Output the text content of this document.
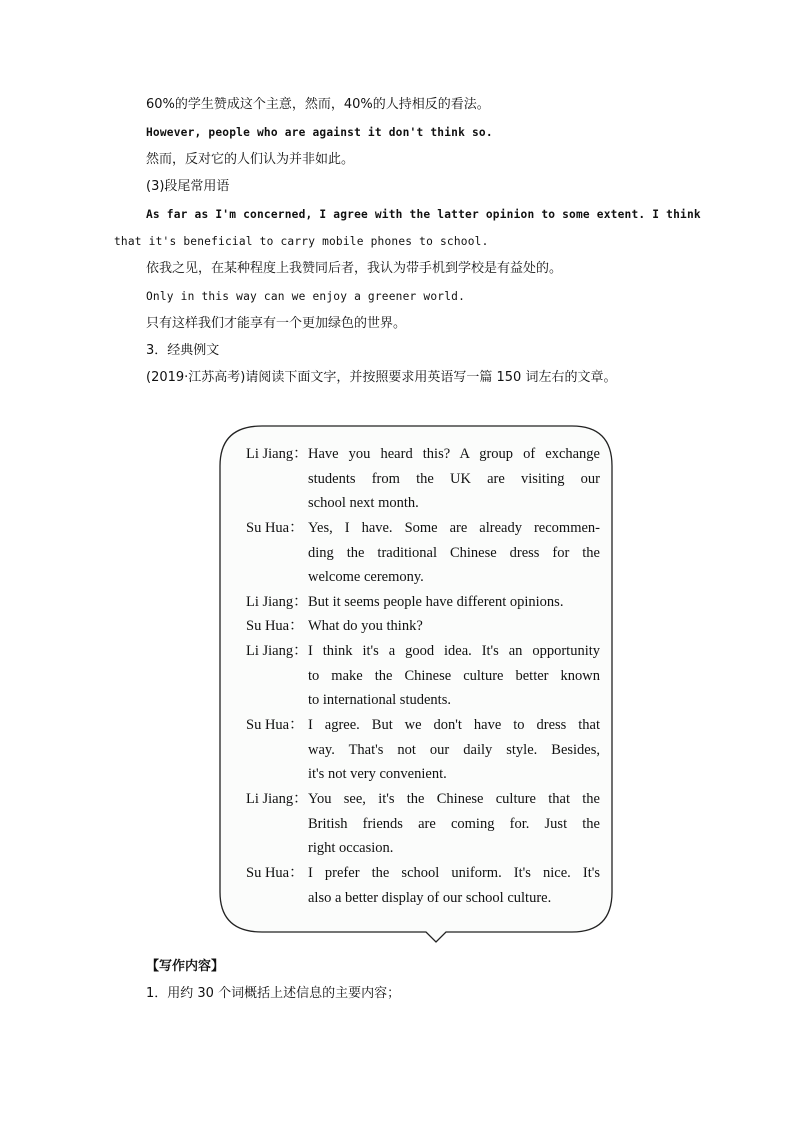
60%的学生赞成这个主意，然而，40%的人持相反的看法。
However, people who are against it don't think so.
然而，反对它的人们认为并非如此。
(3)段尾常用语
As far as I'm concerned, I agree with the latter opinion to some extent. I think
that it's beneficial to carry mobile phones to school.
依我之见，在某种程度上我赞同后者，我认为带手机到学校是有益处的。
Only in this way can we enjoy a greener world.
只有这样我们才能享有一个更加绿色的世界。
3．经典例文
(2019·江苏高考)请阅读下面文字，并按照要求用英语写一篇 150 词左右的文章。
Li Jiang： Have you heard this? A group of exchange
students from the UK are visiting our
school next month.
Su Hua： Yes, I have. Some are already recommen-
ding the traditional Chinese dress for the
welcome ceremony.
Li Jiang： But it seems people have different opinions.
Su Hua： What do you think?
Li Jiang： I think it's a good idea. It's an opportunity
to make the Chinese culture better known
to international students.
Su Hua： I agree. But we don't have to dress that
way. That's not our daily style. Besides,
it's not very convenient.
Li Jiang： You see, it's the Chinese culture that the
British friends are coming for. Just the
right occasion.
Su Hua： I prefer the school uniform. It's nice. It's
also a better display of our school culture.
【写作内容】
1．用约 30 个词概括上述信息的主要内容；
